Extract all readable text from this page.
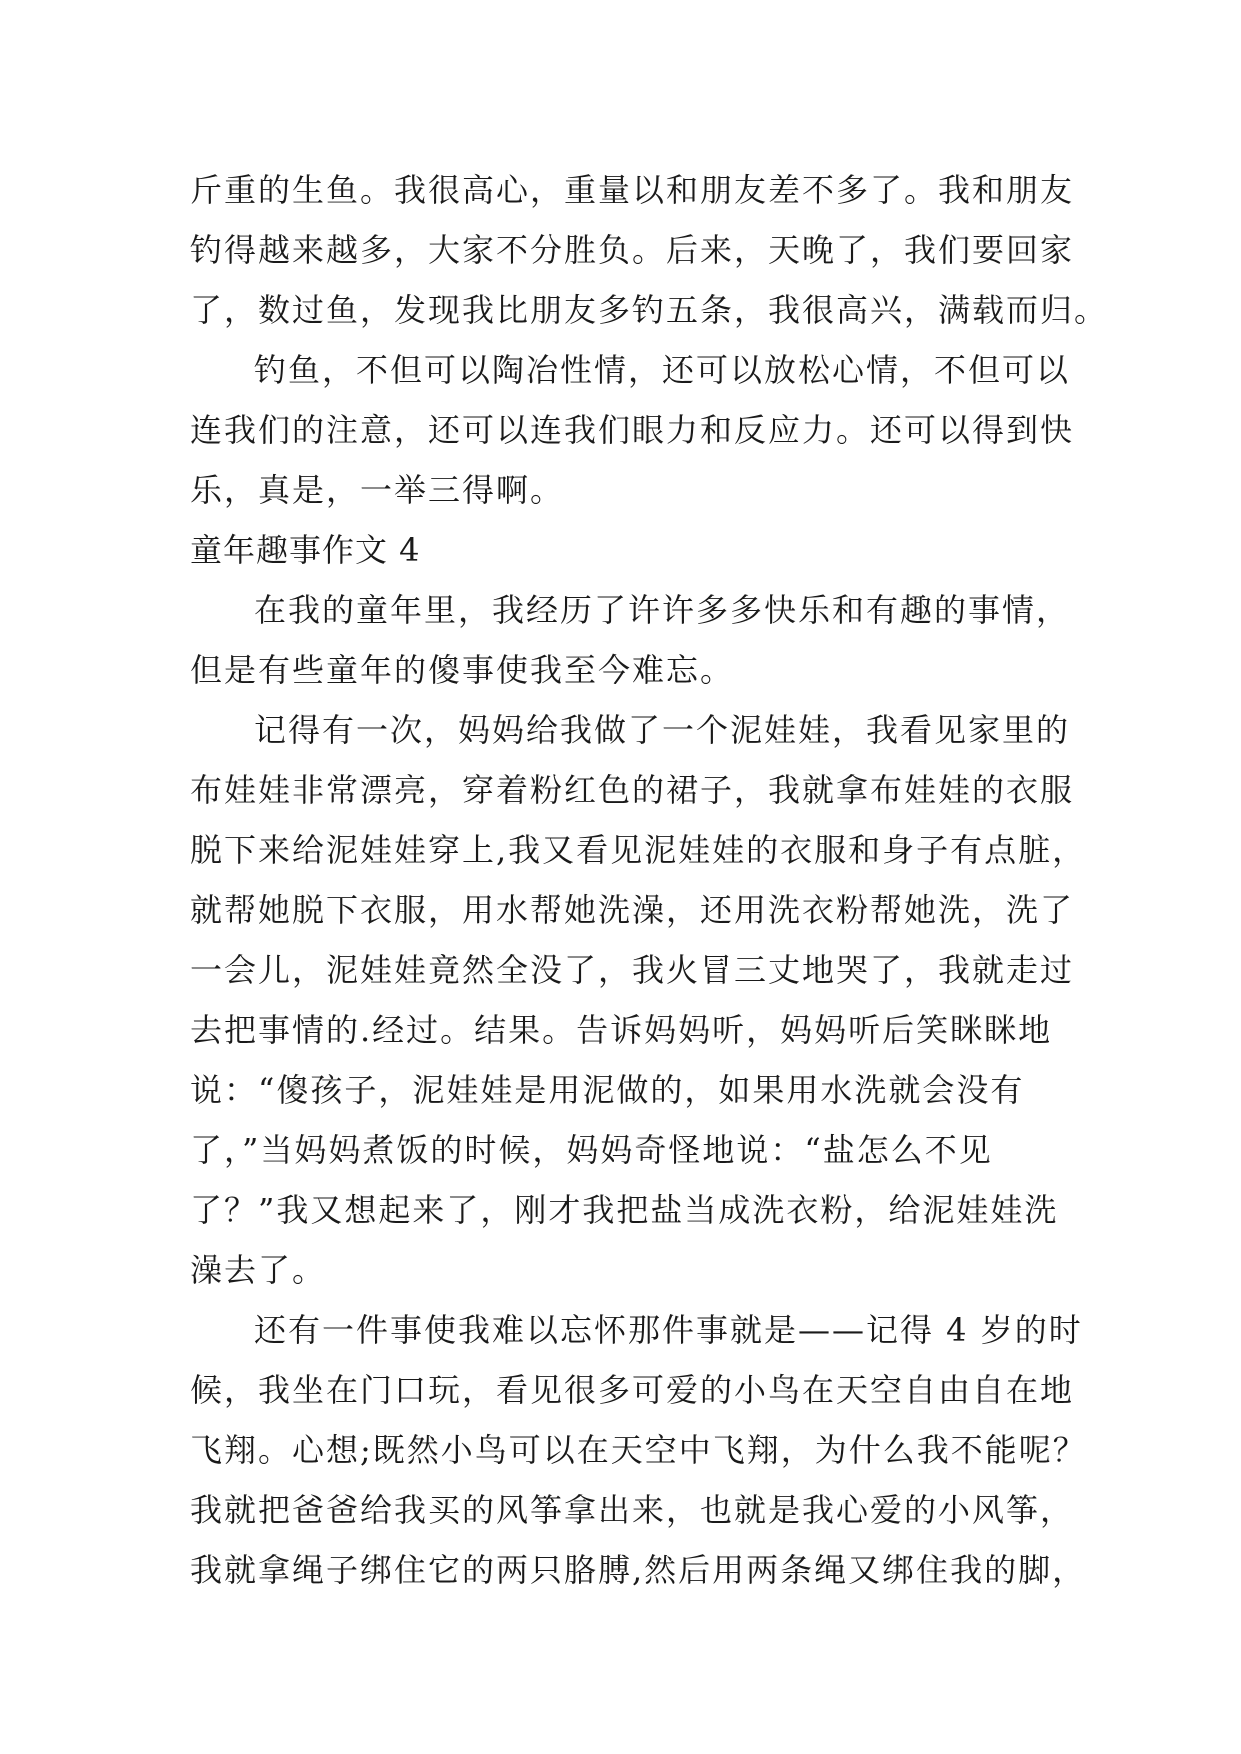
斤重的生鱼。我很高心，重量以和朋友差不多了。我和朋友
钓得越来越多，大家不分胜负。后来，天晚了，我们要回家
了，数过鱼，发现我比朋友多钓五条，我很高兴，满载而归。
钓鱼，不但可以陶冶性情，还可以放松心情，不但可以
连我们的注意，还可以连我们眼力和反应力。还可以得到快
乐，真是，一举三得啊。
童年趣事作文 4
在我的童年里，我经历了许许多多快乐和有趣的事情，
但是有些童年的傻事使我至今难忘。
记得有一次，妈妈给我做了一个泥娃娃，我看见家里的
布娃娃非常漂亮，穿着粉红色的裙子，我就拿布娃娃的衣服
脱下来给泥娃娃穿上,我又看见泥娃娃的衣服和身子有点脏，
就帮她脱下衣服，用水帮她洗澡，还用洗衣粉帮她洗，洗了
一会儿，泥娃娃竟然全没了，我火冒三丈地哭了，我就走过
去把事情的.经过。结果。告诉妈妈听，妈妈听后笑眯眯地
说：“傻孩子，泥娃娃是用泥做的，如果用水洗就会没有
了，”当妈妈煮饭的时候，妈妈奇怪地说：“盐怎么不见
了？”我又想起来了，刚才我把盐当成洗衣粉，给泥娃娃洗
澡去了。
还有一件事使我难以忘怀那件事就是——记得 4 岁的时
候，我坐在门口玩，看见很多可爱的小鸟在天空自由自在地
飞翔。心想;既然小鸟可以在天空中飞翔，为什么我不能呢？
我就把爸爸给我买的风筝拿出来，也就是我心爱的小风筝，
我就拿绳子绑住它的两只胳膊,然后用两条绳又绑住我的脚，
